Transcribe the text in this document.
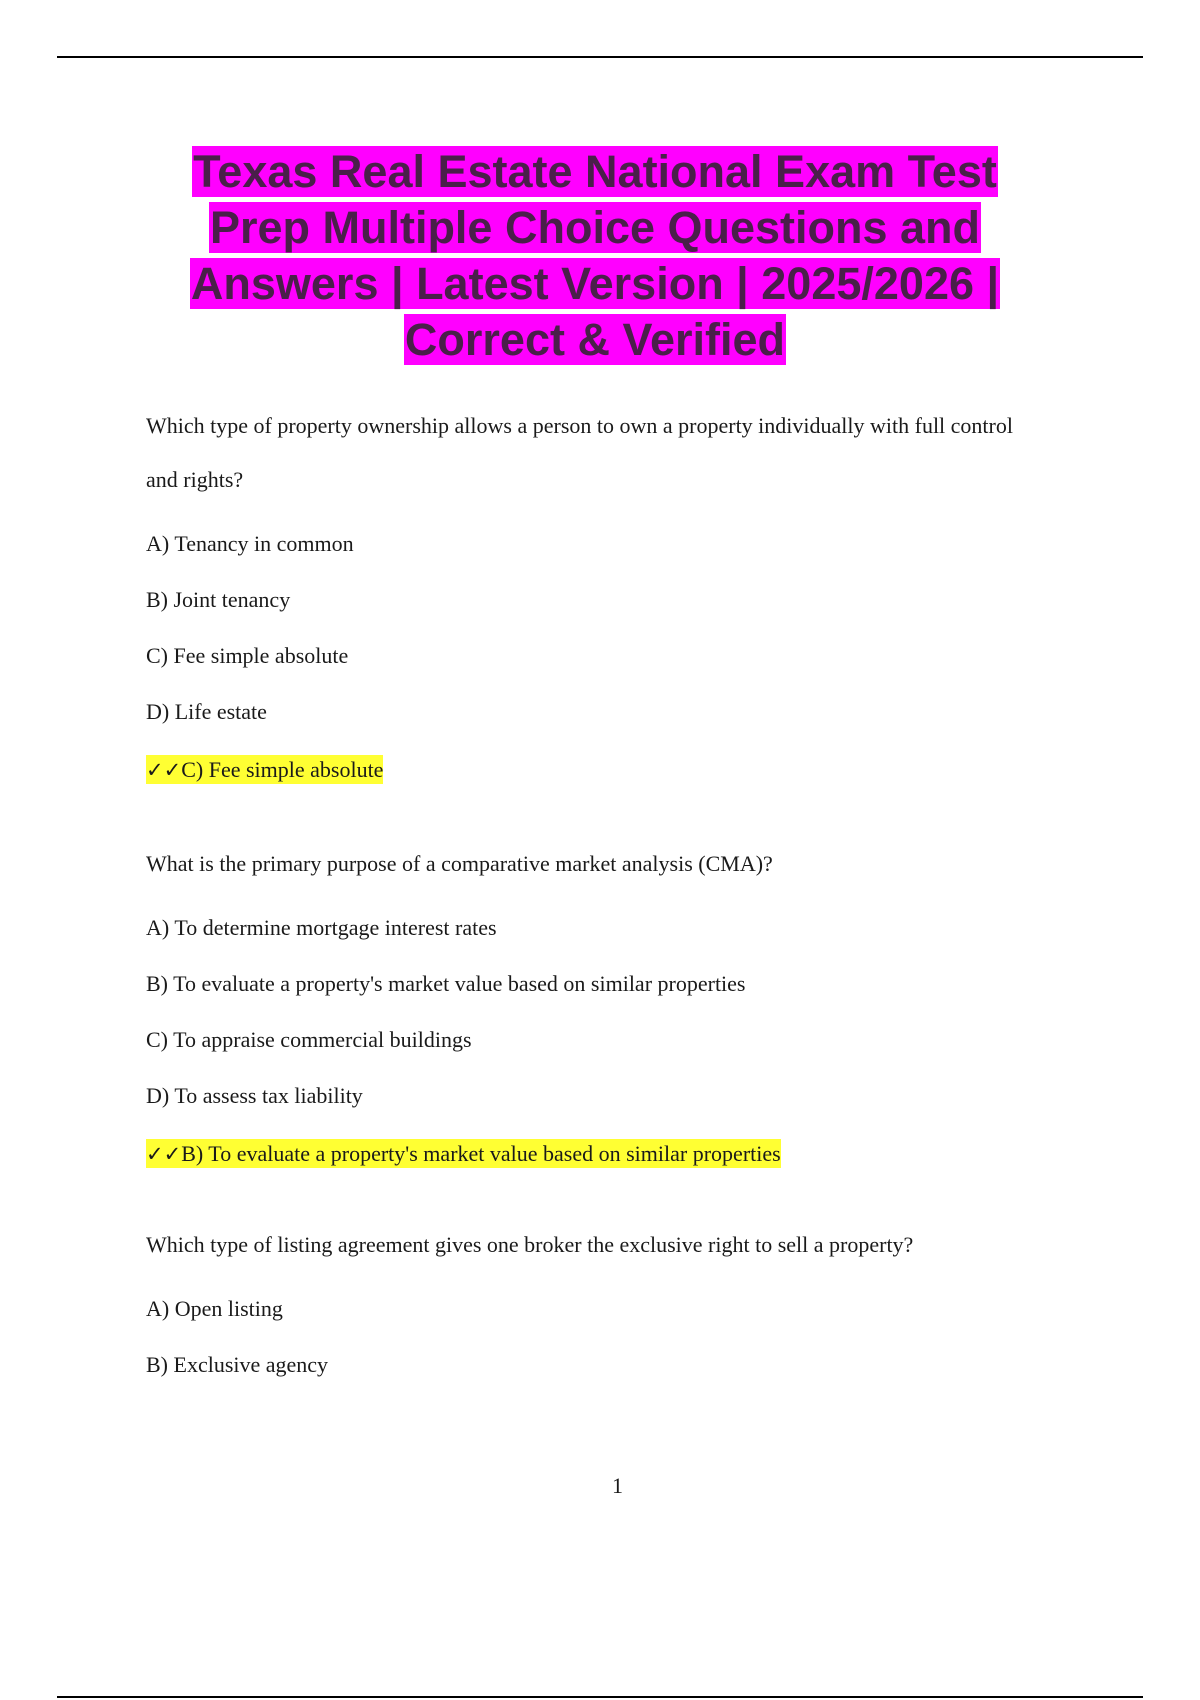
Texas Real Estate National Exam Test Prep Multiple Choice Questions and Answers | Latest Version | 2025/2026 | Correct & Verified

Which type of property ownership allows a person to own a property individually with full control and rights?

A) Tenancy in common
B) Joint tenancy
C) Fee simple absolute
D) Life estate
✓✓C) Fee simple absolute

What is the primary purpose of a comparative market analysis (CMA)?

A) To determine mortgage interest rates
B) To evaluate a property's market value based on similar properties
C) To appraise commercial buildings
D) To assess tax liability
✓✓B) To evaluate a property's market value based on similar properties

Which type of listing agreement gives one broker the exclusive right to sell a property?

A) Open listing
B) Exclusive agency
1
